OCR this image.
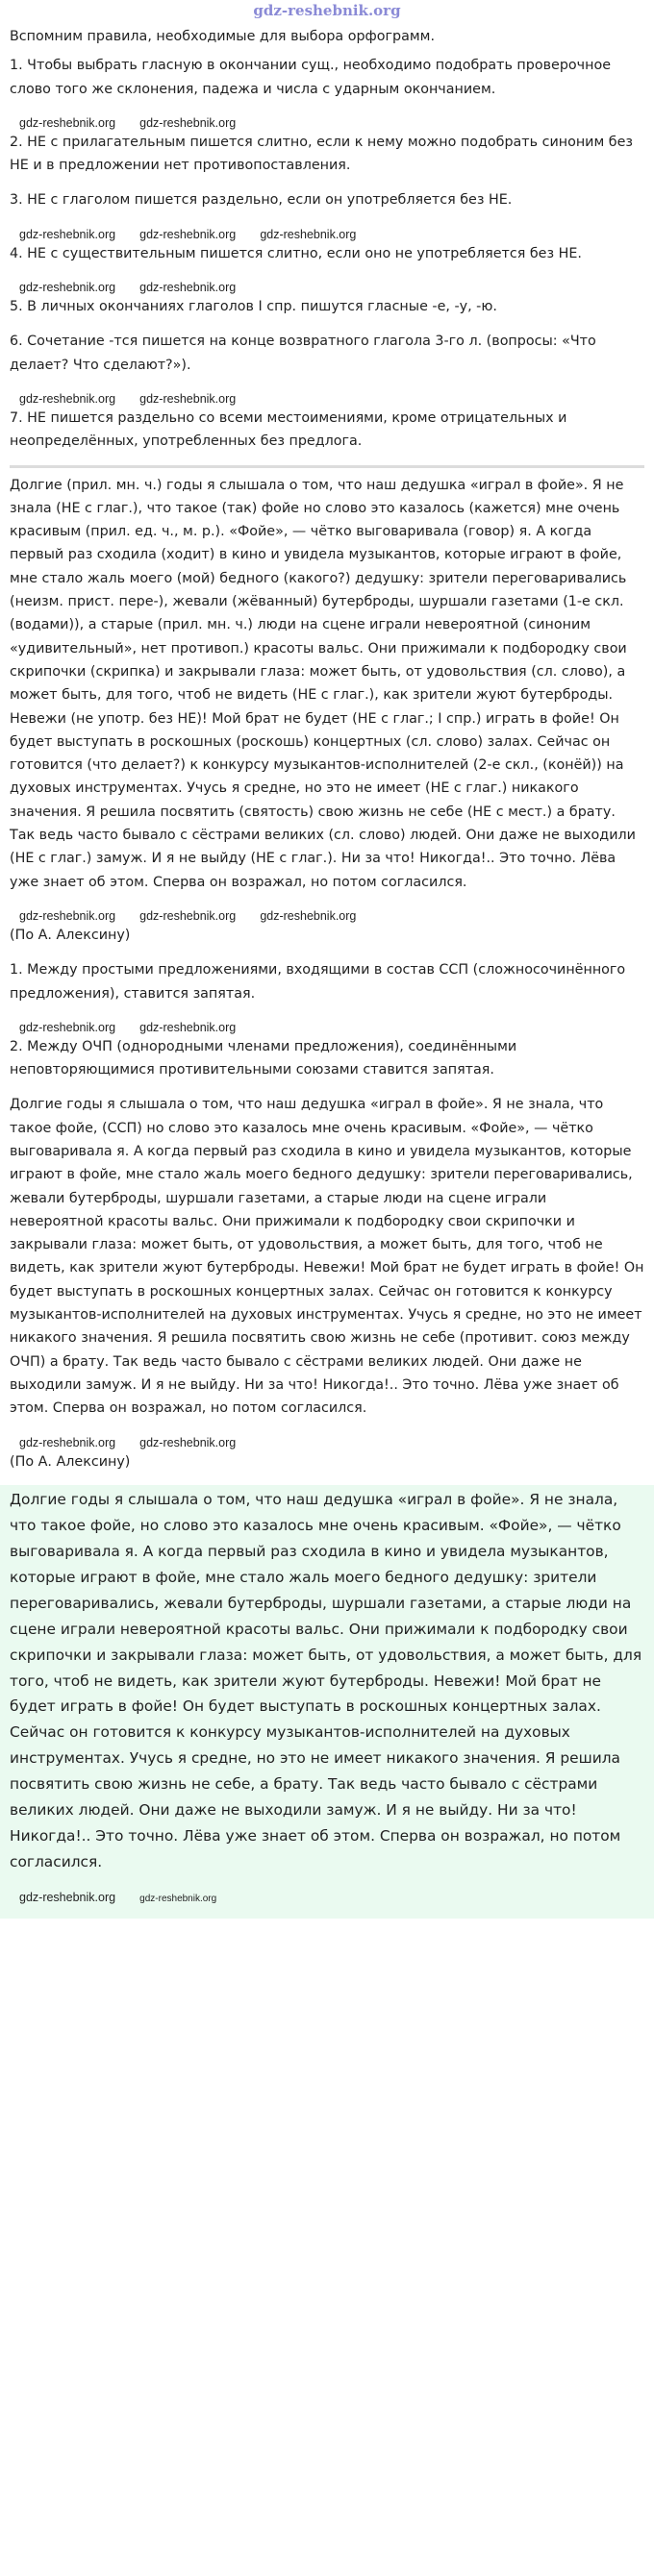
gdz-reshebnik.org

Вспомним правила, необходимые для выбора орфограмм.

1. Чтобы выбрать гласную в окончании сущ., необходимо подобрать проверочное слово того же склонения, падежа и числа с ударным окончанием.

gdz-reshebnik.org gdz-reshebnik.org

2. НЕ с прилагательным пишется слитно, если к нему можно подобрать синоним без НЕ и в предложении нет противопоставления.

3. НЕ с глаголом пишется раздельно, если он употребляется без НЕ.

gdz-reshebnik.org gdz-reshebnik.org gdz-reshebnik.org

4. НЕ с существительным пишется слитно, если оно не употребляется без НЕ.

gdz-reshebnik.org gdz-reshebnik.org

5. В личных окончаниях глаголов I спр. пишутся гласные -е, -у, -ю.

6. Сочетание -тся пишется на конце возвратного глагола 3-го л. (вопросы: «Что делает? Что сделают?»).

gdz-reshebnik.org gdz-reshebnik.org

7. НЕ пишется раздельно со всеми местоимениями, кроме отрицательных и неопределённых, употребленных без предлога.

Долгие (прил. мн. ч.) годы я слышала о том, что наш дедушка «играл в фойе». Я не знала (НЕ с глаг.), что такое (так) фойе но слово это казалось (кажется) мне очень красивым (прил. ед. ч., м. р.). «Фойе», — чётко выговаривала (говор) я. А когда первый раз сходила (ходит) в кино и увидела музыкантов, которые играют в фойе, мне стало жаль моего (мой) бедного (какого?) дедушку: зрители переговаривались (неизм. прист. пере-), жевали (жёванный) бутерброды, шуршали газетами (1-е скл. (водами)), а старые (прил. мн. ч.) люди на сцене играли невероятной (синоним «удивительный», нет противоп.) красоты вальс. Они прижимали к подбородку свои скрипочки (скрипка) и закрывали глаза: может быть, от удовольствия (сл. слово), а может быть, для того, чтоб не видеть (НЕ с глаг.), как зрители жуют бутерброды. Невежи (не употр. без НЕ)! Мой брат не будет (НЕ с глаг.; I спр.) играть в фойе! Он будет выступать в роскошных (роскошь) концертных (сл. слово) залах. Сейчас он готовится (что делает?) к конкурсу музыкантов-исполнителей (2-е скл., (конёй)) на духовых инструментах. Учусь я средне, но это не имеет (НЕ с глаг.) никакого значения. Я решила посвятить (святость) свою жизнь не себе (НЕ с мест.) а брату. Так ведь часто бывало с сёстрами великих (сл. слово) людей. Они даже не выходили (НЕ с глаг.) замуж. И я не выйду (НЕ с глаг.). Ни за что! Никогда!.. Это точно. Лёва уже знает об этом. Сперва он возражал, но потом согласился.

gdz-reshebnik.org gdz-reshebnik.org gdz-reshebnik.org

(По А. Алексину)

1. Между простыми предложениями, входящими в состав ССП (сложносочинённого предложения), ставится запятая.

gdz-reshebnik.org gdz-reshebnik.org

2. Между ОЧП (однородными членами предложения), соединёнными неповторяющимися противительными союзами ставится запятая.

Долгие годы я слышала о том, что наш дедушка «играл в фойе». Я не знала, что такое фойе, (ССП) но слово это казалось мне очень красивым. «Фойе», — чётко выговаривала я. А когда первый раз сходила в кино и увидела музыкантов, которые играют в фойе, мне стало жаль моего бедного дедушку: зрители переговаривались, жевали бутерброды, шуршали газетами, а старые люди на сцене играли невероятной красоты вальс. Они прижимали к подбородку свои скрипочки и закрывали глаза: может быть, от удовольствия, а может быть, для того, чтоб не видеть, как зрители жуют бутерброды. Невежи! Мой брат не будет играть в фойе! Он будет выступать в роскошных концертных залах. Сейчас он готовится к конкурсу музыкантов-исполнителей на духовых инструментах. Учусь я средне, но это не имеет никакого значения. Я решила посвятить свою жизнь не себе (противит. союз между ОЧП) а брату. Так ведь часто бывало с сёстрами великих людей. Они даже не выходили замуж. И я не выйду. Ни за что! Никогда!.. Это точно. Лёва уже знает об этом. Сперва он возражал, но потом согласился.

gdz-reshebnik.org gdz-reshebnik.org

(По А. Алексину)

Долгие годы я слышала о том, что наш дедушка «играл в фойе». Я не знала, что такое фойе, но слово это казалось мне очень красивым. «Фойе», — чётко выговаривала я. А когда первый раз сходила в кино и увидела музыкантов, которые играют в фойе, мне стало жаль моего бедного дедушку: зрители переговаривались, жевали бутерброды, шуршали газетами, а старые люди на сцене играли невероятной красоты вальс. Они прижимали к подбородку свои скрипочки и закрывали глаза: может быть, от удовольствия, а может быть, для того, чтоб не видеть, как зрители жуют бутерброды. Невежи! Мой брат не будет играть в фойе! Он будет выступать в роскошных концертных залах. Сейчас он готовится к конкурсу музыкантов-исполнителей на духовых инструментах. Учусь я средне, но это не имеет никакого значения. Я решила посвятить свою жизнь не себе, а брату. Так ведь часто бывало с сёстрами великих людей. Они даже не выходили замуж. И я не выйду. Ни за что! Никогда!.. Это точно. Лёва уже знает об этом. Сперва он возражал, но потом согласился.

gdz-reshebnik.org	gdz-reshebnik.org
